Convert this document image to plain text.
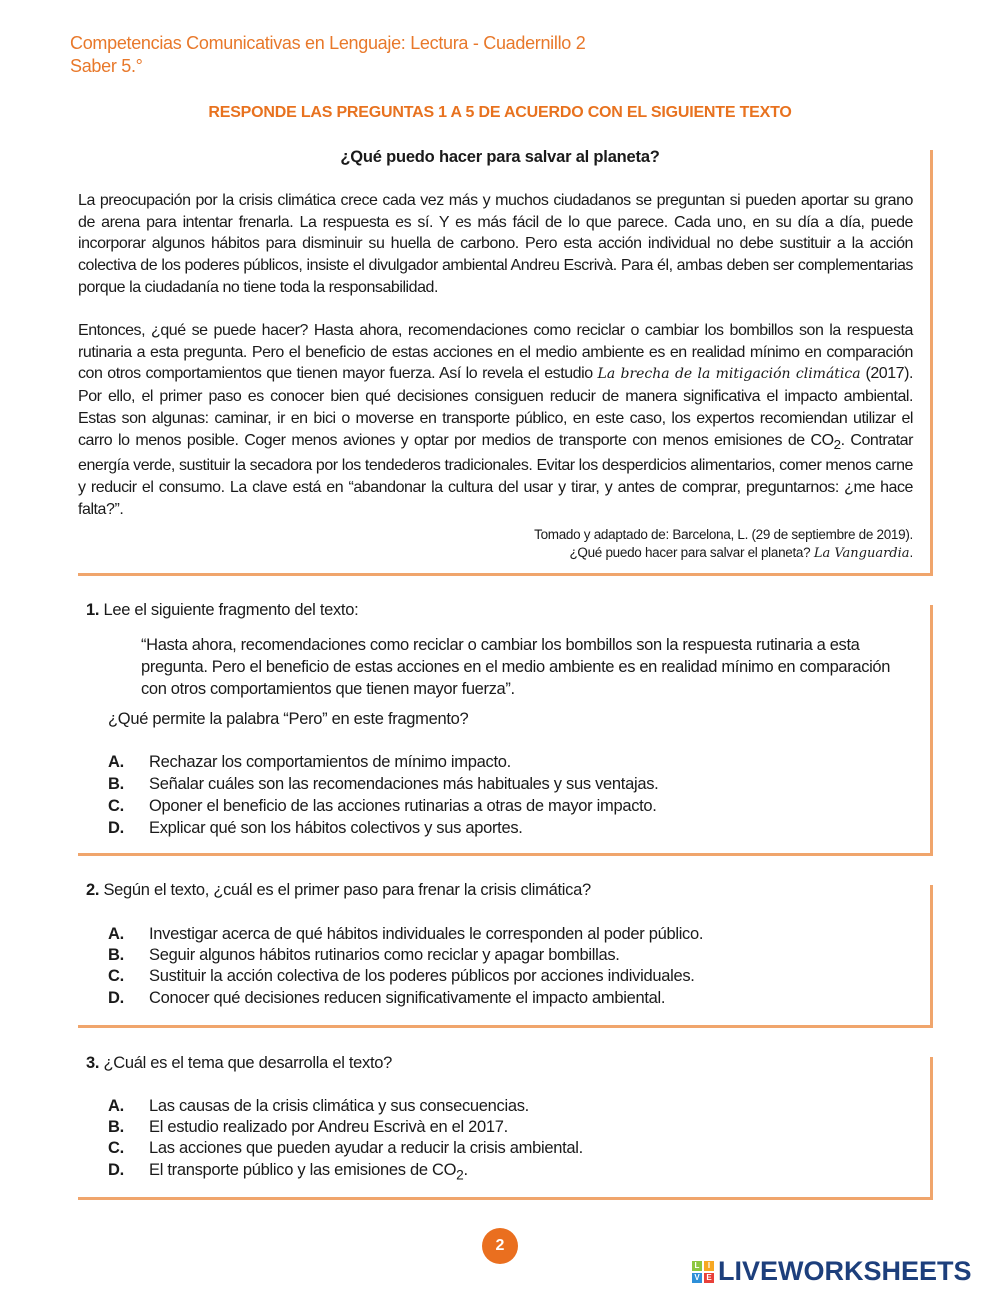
Competencias Comunicativas en Lenguaje: Lectura - Cuadernillo 2
Saber 5.°
RESPONDE LAS PREGUNTAS 1 A 5 DE ACUERDO CON EL SIGUIENTE TEXTO
¿Qué puedo hacer para salvar al planeta?
La preocupación por la crisis climática crece cada vez más y muchos ciudadanos se preguntan si pueden aportar su grano de arena para intentar frenarla. La respuesta es sí. Y es más fácil de lo que parece. Cada uno, en su día a día, puede incorporar algunos hábitos para disminuir su huella de carbono. Pero esta acción individual no debe sustituir a la acción colectiva de los poderes públicos, insiste el divulgador ambiental Andreu Escrivà. Para él, ambas deben ser complementarias porque la ciudadanía no tiene toda la responsabilidad.
Entonces, ¿qué se puede hacer? Hasta ahora, recomendaciones como reciclar o cambiar los bombillos son la respuesta rutinaria a esta pregunta. Pero el beneficio de estas acciones en el medio ambiente es en realidad mínimo en comparación con otros comportamientos que tienen mayor fuerza. Así lo revela el estudio La brecha de la mitigación climática (2017). Por ello, el primer paso es conocer bien qué decisiones consiguen reducir de manera significativa el impacto ambiental. Estas son algunas: caminar, ir en bici o moverse en transporte público, en este caso, los expertos recomiendan utilizar el carro lo menos posible. Coger menos aviones y optar por medios de transporte con menos emisiones de $CO_2$. Contratar energía verde, sustituir la secadora por los tendederos tradicionales. Evitar los desperdicios alimentarios, comer menos carne y reducir el consumo. La clave está en “abandonar la cultura del usar y tirar, y antes de comprar, preguntarnos: ¿me hace falta?”.
Tomado y adaptado de: Barcelona, L. (29 de septiembre de 2019).
¿Qué puedo hacer para salvar el planeta? La Vanguardia.
1. Lee el siguiente fragmento del texto:
“Hasta ahora, recomendaciones como reciclar o cambiar los bombillos son la respuesta rutinaria a esta pregunta. Pero el beneficio de estas acciones en el medio ambiente es en realidad mínimo en comparación con otros comportamientos que tienen mayor fuerza”.
¿Qué permite la palabra “Pero” en este fragmento?
A. Rechazar los comportamientos de mínimo impacto.
B. Señalar cuáles son las recomendaciones más habituales y sus ventajas.
C. Oponer el beneficio de las acciones rutinarias a otras de mayor impacto.
D. Explicar qué son los hábitos colectivos y sus aportes.
2. Según el texto, ¿cuál es el primer paso para frenar la crisis climática?
A. Investigar acerca de qué hábitos individuales le corresponden al poder público.
B. Seguir algunos hábitos rutinarios como reciclar y apagar bombillas.
C. Sustituir la acción colectiva de los poderes públicos por acciones individuales.
D. Conocer qué decisiones reducen significativamente el impacto ambiental.
3. ¿Cuál es el tema que desarrolla el texto?
A. Las causas de la crisis climática y sus consecuencias.
B. El estudio realizado por Andreu Escrivà en el 2017.
C. Las acciones que pueden ayudar a reducir la crisis ambiental.
D. El transporte público y las emisiones de $CO_2$.
2
L	I
V E LIVEWORKSHEETS
